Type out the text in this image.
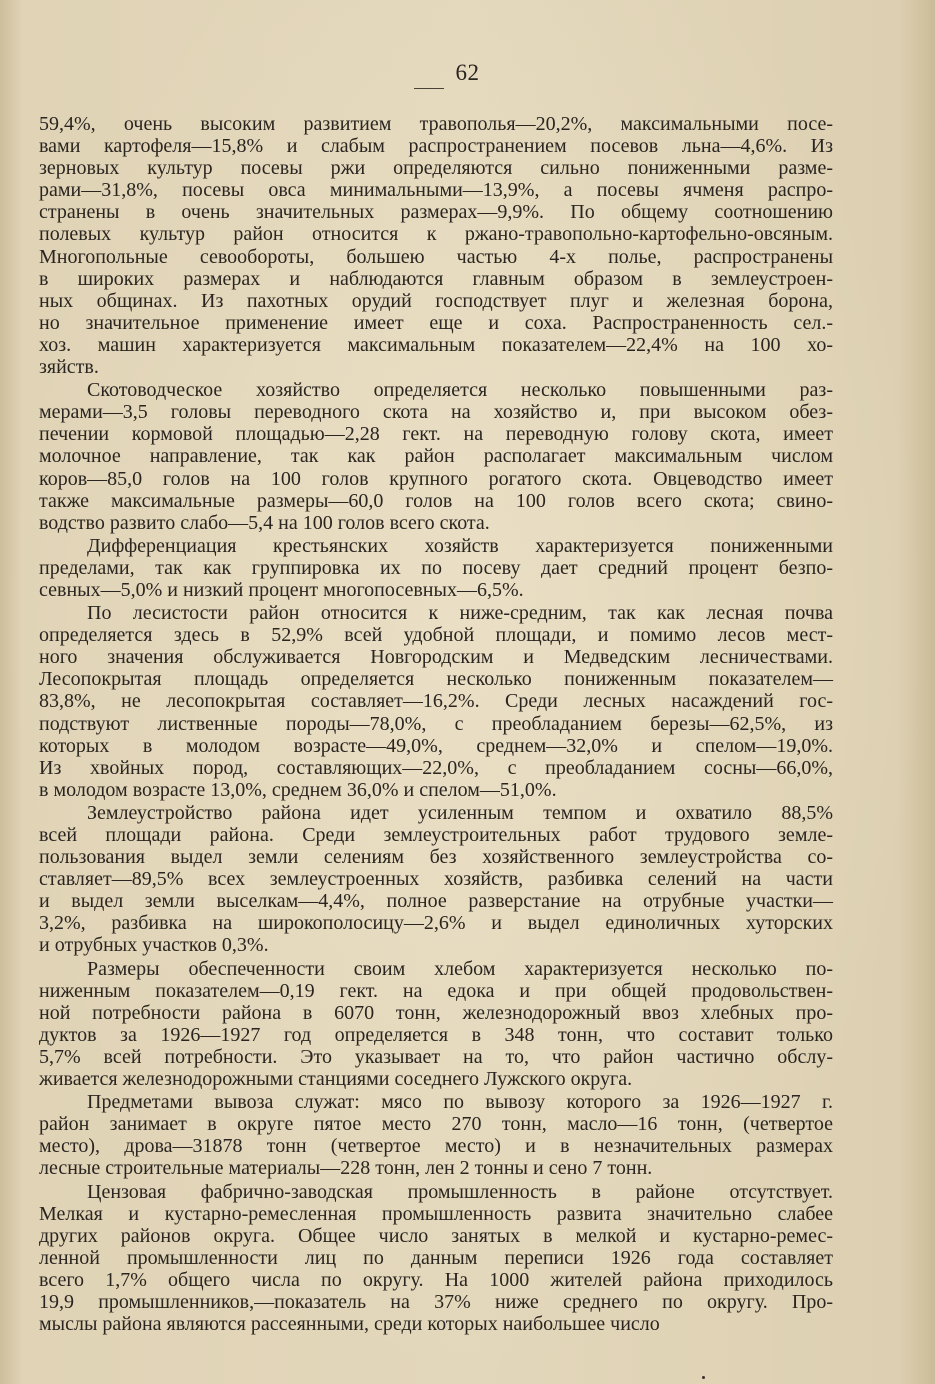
62

59,4%, очень высоким развитием травополья—20,2%, максимальными посе-
вами картофеля—15,8% и слабым распространением посевов льна—4,6%. Из
зерновых культур посевы ржи определяются сильно пониженными разме-
рами—31,8%, посевы овса минимальными—13,9%, а посевы ячменя распро-
странены в очень значительных размерах—9,9%. По общему соотношению
полевых культур район относится к ржано-травопольно-картофельно-овсяным.
Многопольные севообороты, большею частью 4-х полье, распространены
в широких размерах и наблюдаются главным образом в землеустроен-
ных общинах. Из пахотных орудий господствует плуг и железная борона,
но значительное применение имеет еще и соха. Распространенность сел.-
хоз. машин характеризуется максимальным показателем—22,4% на 100 хо-
зяйств.

Скотоводческое хозяйство определяется несколько повышенными раз-
мерами—3,5 головы переводного скота на хозяйство и, при высоком обез-
печении кормовой площадью—2,28 гект. на переводную голову скота, имеет
молочное направление, так как район располагает максимальным числом
коров—85,0 голов на 100 голов крупного рогатого скота. Овцеводство имеет
также максимальные размеры—60,0 голов на 100 голов всего скота; свино-
водство развито слабо—5,4 на 100 голов всего скота.

Дифференциация крестьянских хозяйств характеризуется пониженными
пределами, так как группировка их по посеву дает средний процент безпо-
севных—5,0% и низкий процент многопосевных—6,5%.

По лесистости район относится к ниже-средним, так как лесная почва
определяется здесь в 52,9% всей удобной площади, и помимо лесов мест-
ного значения обслуживается Новгородским и Медведским лесничествами.
Лесопокрытая площадь определяется несколько пониженным показателем—
83,8%, не лесопокрытая составляет—16,2%. Среди лесных насаждений гос-
подствуют лиственные породы—78,0%, с преобладанием березы—62,5%, из
которых в молодом возрасте—49,0%, среднем—32,0% и спелом—19,0%.
Из хвойных пород, составляющих—22,0%, с преобладанием сосны—66,0%,
в молодом возрасте 13,0%, среднем 36,0% и спелом—51,0%.

Землеустройство района идет усиленным темпом и охватило 88,5%
всей площади района. Среди землеустроительных работ трудового земле-
пользования выдел земли селениям без хозяйственного землеустройства со-
ставляет—89,5% всех землеустроенных хозяйств, разбивка селений на части
и выдел земли выселкам—4,4%, полное разверстание на отрубные участки—
3,2%, разбивка на широкополосицу—2,6% и выдел единоличных хуторских
и отрубных участков 0,3%.

Размеры обеспеченности своим хлебом характеризуется несколько по-
ниженным показателем—0,19 гект. на едока и при общей продовольствен-
ной потребности района в 6070 тонн, железнодорожный ввоз хлебных про-
дуктов за 1926—1927 год определяется в 348 тонн, что составит только
5,7% всей потребности. Это указывает на то, что район частично обслу-
живается железнодорожными станциями соседнего Лужского округа.

Предметами вывоза служат: мясо по вывозу которого за 1926—1927 г.
район занимает в округе пятое место 270 тонн, масло—16 тонн, (четвертое
место), дрова—31878 тонн (четвертое место) и в незначительных размерах
лесные строительные материалы—228 тонн, лен 2 тонны и сено 7 тонн.

Цензовая фабрично-заводская промышленность в районе отсутствует.
Мелкая и кустарно-ремесленная промышленность развита значительно слабее
других районов округа. Общее число занятых в мелкой и кустарно-ремес-
ленной промышленности лиц по данным переписи 1926 года составляет
всего 1,7% общего числа по округу. На 1000 жителей района приходилось
19,9 промышленников,—показатель на 37% ниже среднего по округу. Про-
мыслы района являются рассеянными, среди которых наибольшее число
